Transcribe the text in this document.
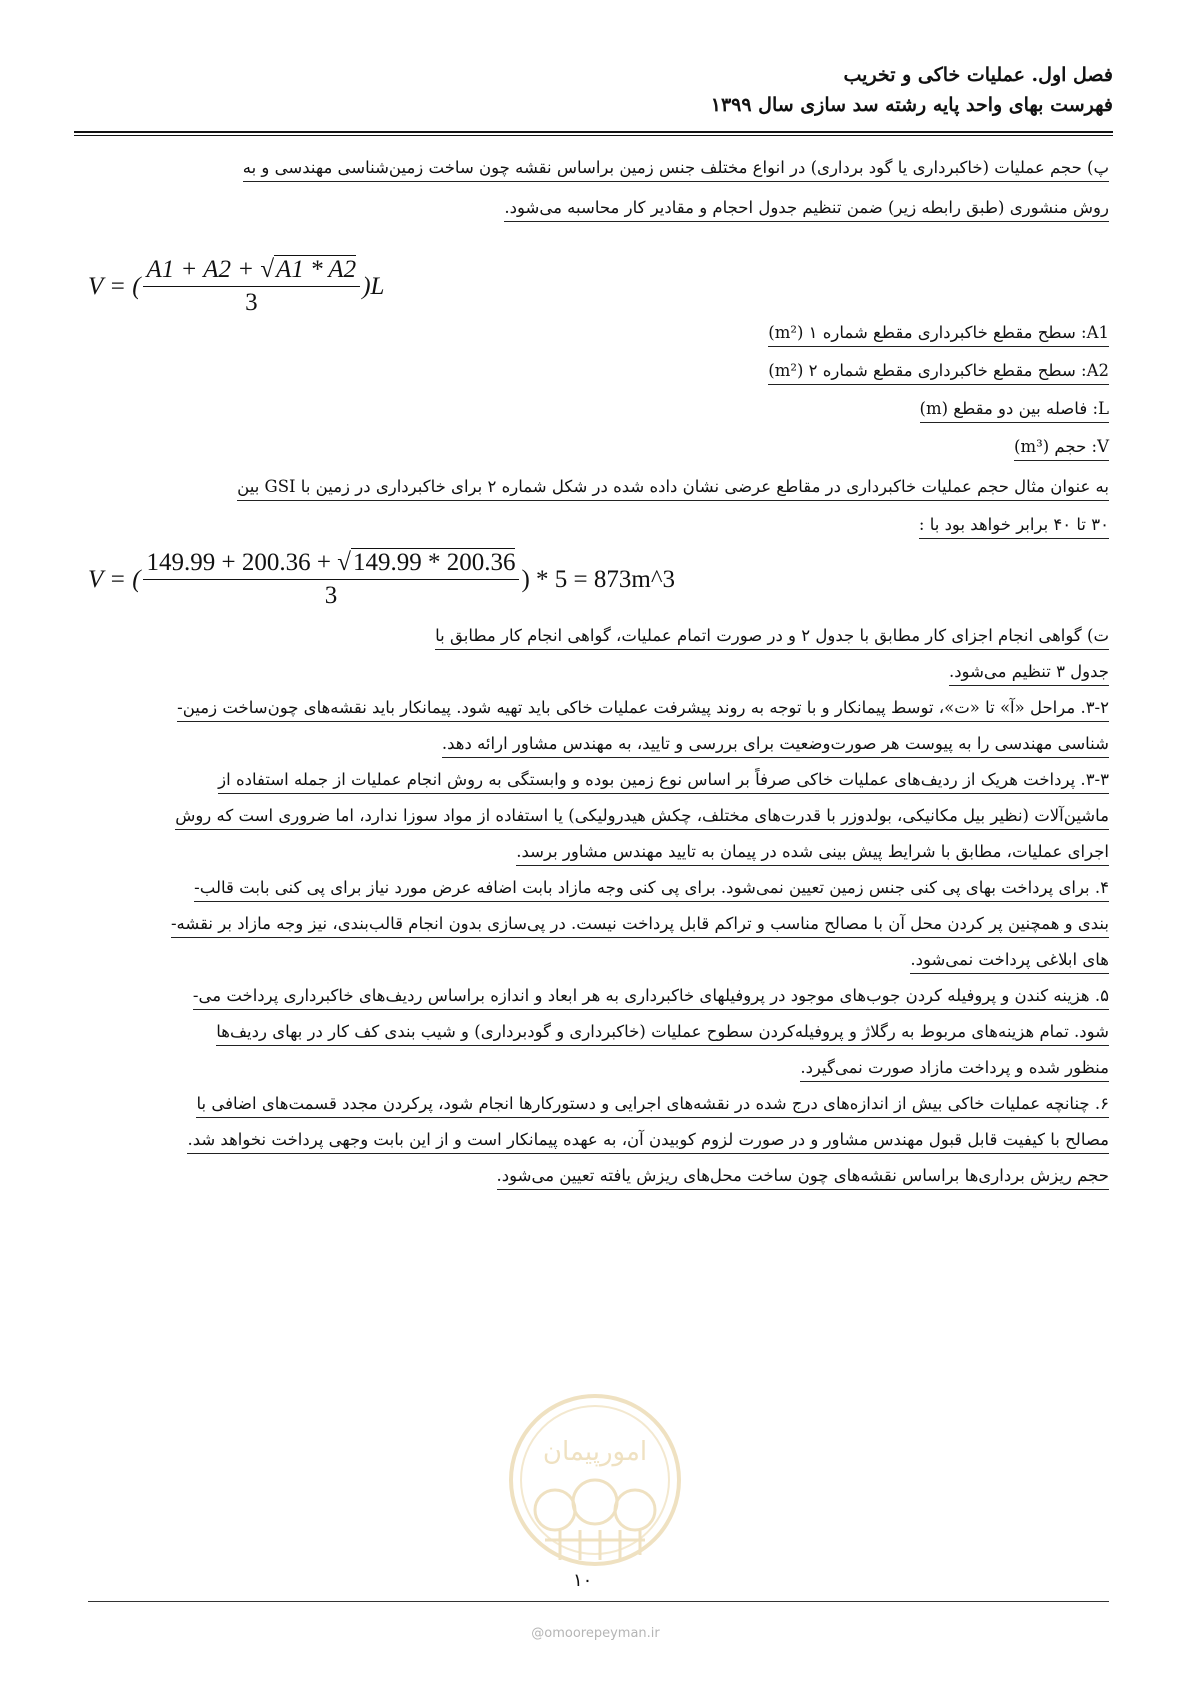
فصل اول. عملیات خاکی و تخریب
فهرست بهای واحد پایه رشته سد سازی سال ۱۳۹۹
پ) حجم عملیات (خاکبرداری یا گود برداری) در انواع مختلف جنس زمین براساس نقشه چون ساخت زمین‌شناسی مهندسی و به
روش منشوری (طبق رابطه زیر) ضمن تنظیم جدول احجام و مقادیر کار محاسبه می‌شود.
V = ( $\frac{A1 + A2 + √A1 * A2}{3} )L$
A1: سطح مقطع خاکبرداری مقطع شماره ۱ (m²)
A2: سطح مقطع خاکبرداری مقطع شماره ۲ (m²)
L: فاصله بین دو مقطع (m)
V: حجم (m³)
به عنوان مثال حجم عملیات خاکبرداری در مقاطع عرضی نشان داده شده در شکل شماره ۲ برای خاکبرداری در زمین با GSI بین
۳۰ تا ۴۰ برابر خواهد بود با :
V = ( $\frac{149.99 + 200.36 + √149.99 * 200.36}{3}$ ) * 5 = 873m^3
ت) گواهی انجام اجزای کار مطابق با جدول ۲ و در صورت اتمام عملیات، گواهی انجام کار مطابق با
جدول ۳ تنظیم می‌شود.
۳-۲. مراحل «آ» تا «ت»، توسط پیمانکار و با توجه به روند پیشرفت عملیات خاکی باید تهیه شود. پیمانکار باید نقشه‌های چون‌ساخت زمین-
شناسی مهندسی را به پیوست هر صورت‌وضعیت برای بررسی و تایید، به مهندس مشاور ارائه دهد.
۳-۳. پرداخت هریک از ردیف‌های عملیات خاکی صرفاً بر اساس نوع زمین بوده و وابستگی به روش انجام عملیات از جمله استفاده از
ماشین‌آلات (نظیر بیل مکانیکی، بولدوزر با قدرت‌های مختلف، چکش هیدرولیکی) یا استفاده از مواد سوزا ندارد، اما ضروری است که روش
اجرای عملیات، مطابق با شرایط پیش بینی شده در پیمان به تایید مهندس مشاور برسد.
۴. برای پرداخت بهای پی کنی جنس زمین تعیین نمی‌شود. برای پی کنی وجه مازاد بابت اضافه عرض مورد نیاز برای پی کنی بابت قالب-
بندی و همچنین پر کردن محل آن با مصالح مناسب و تراکم قابل پرداخت نیست. در پی‌سازی بدون انجام قالب‌بندی، نیز وجه مازاد بر نقشه-
های ابلاغی پرداخت نمی‌شود.
۵. هزینه کندن و پروفیله کردن جوب‌های موجود در پروفیلهای خاکبرداری به هر ابعاد و اندازه براساس ردیف‌های خاکبرداری پرداخت می-
شود. تمام هزینه‌های مربوط به رگلاژ و پروفیله‌کردن سطوح عملیات (خاکبرداری و گودبرداری) و شیب بندی کف کار در بهای ردیف‌ها
منظور شده و پرداخت مازاد صورت نمی‌گیرد.
۶. چنانچه عملیات خاکی بیش از اندازه‌های درج شده در نقشه‌های اجرایی و دستورکارها انجام شود، پرکردن مجدد قسمت‌های اضافی با
مصالح با کیفیت قابل قبول مهندس مشاور و در صورت لزوم کوبیدن آن، به عهده پیمانکار است و از این بابت وجهی پرداخت نخواهد شد.
حجم ریزش برداری‌ها براساس نقشه‌های چون ساخت محل‌های ریزش یافته تعیین می‌شود.
امورپیمان
۱۰
@omoorepeyman.ir
